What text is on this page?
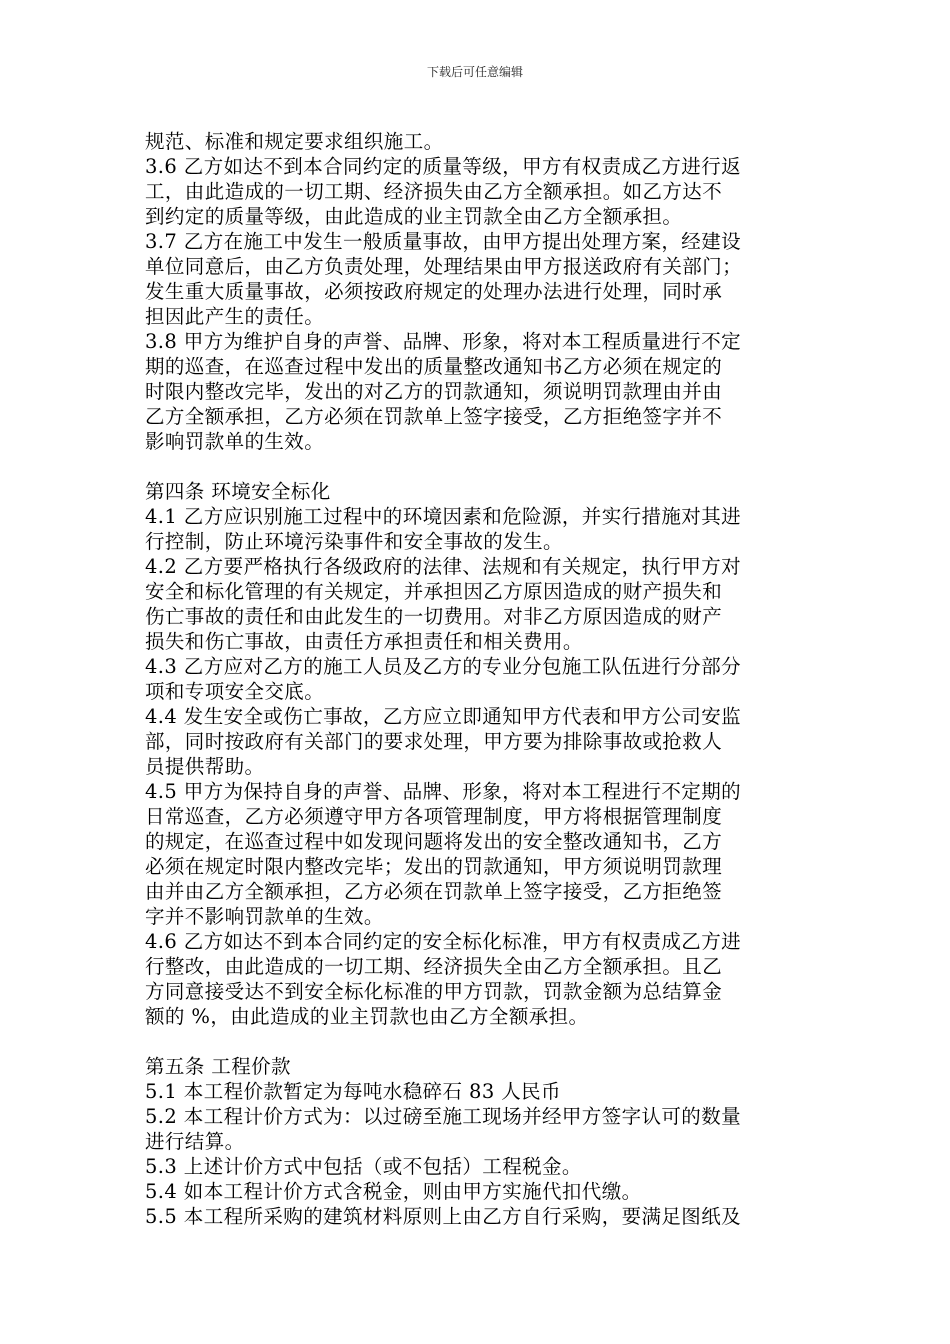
下载后可任意编辑
规范、标准和规定要求组织施工。
3.6 乙方如达不到本合同约定的质量等级，甲方有权责成乙方进行返
工，由此造成的一切工期、经济损失由乙方全额承担。如乙方达不
到约定的质量等级，由此造成的业主罚款全由乙方全额承担。
3.7 乙方在施工中发生一般质量事故，由甲方提出处理方案，经建设
单位同意后，由乙方负责处理，处理结果由甲方报送政府有关部门；
发生重大质量事故，必须按政府规定的处理办法进行处理，同时承
担因此产生的责任。
3.8 甲方为维护自身的声誉、品牌、形象，将对本工程质量进行不定
期的巡查，在巡查过程中发出的质量整改通知书乙方必须在规定的
时限内整改完毕，发出的对乙方的罚款通知，须说明罚款理由并由
乙方全额承担，乙方必须在罚款单上签字接受，乙方拒绝签字并不
影响罚款单的生效。
第四条 环境安全标化
4.1 乙方应识别施工过程中的环境因素和危险源，并实行措施对其进
行控制，防止环境污染事件和安全事故的发生。
4.2 乙方要严格执行各级政府的法律、法规和有关规定，执行甲方对
安全和标化管理的有关规定，并承担因乙方原因造成的财产损失和
伤亡事故的责任和由此发生的一切费用。对非乙方原因造成的财产
损失和伤亡事故，由责任方承担责任和相关费用。
4.3 乙方应对乙方的施工人员及乙方的专业分包施工队伍进行分部分
项和专项安全交底。
4.4 发生安全或伤亡事故，乙方应立即通知甲方代表和甲方公司安监
部，同时按政府有关部门的要求处理，甲方要为排除事故或抢救人
员提供帮助。
4.5 甲方为保持自身的声誉、品牌、形象，将对本工程进行不定期的
日常巡查，乙方必须遵守甲方各项管理制度，甲方将根据管理制度
的规定，在巡查过程中如发现问题将发出的安全整改通知书，乙方
必须在规定时限内整改完毕；发出的罚款通知，甲方须说明罚款理
由并由乙方全额承担，乙方必须在罚款单上签字接受，乙方拒绝签
字并不影响罚款单的生效。
4.6 乙方如达不到本合同约定的安全标化标准，甲方有权责成乙方进
行整改，由此造成的一切工期、经济损失全由乙方全额承担。且乙
方同意接受达不到安全标化标准的甲方罚款，罚款金额为总结算金
额的 %，由此造成的业主罚款也由乙方全额承担。
第五条 工程价款
5.1 本工程价款暂定为每吨水稳碎石 83 人民币
5.2 本工程计价方式为：以过磅至施工现场并经甲方签字认可的数量
进行结算。
5.3 上述计价方式中包括（或不包括）工程税金。
5.4 如本工程计价方式含税金，则由甲方实施代扣代缴。
5.5 本工程所采购的建筑材料原则上由乙方自行采购，要满足图纸及
